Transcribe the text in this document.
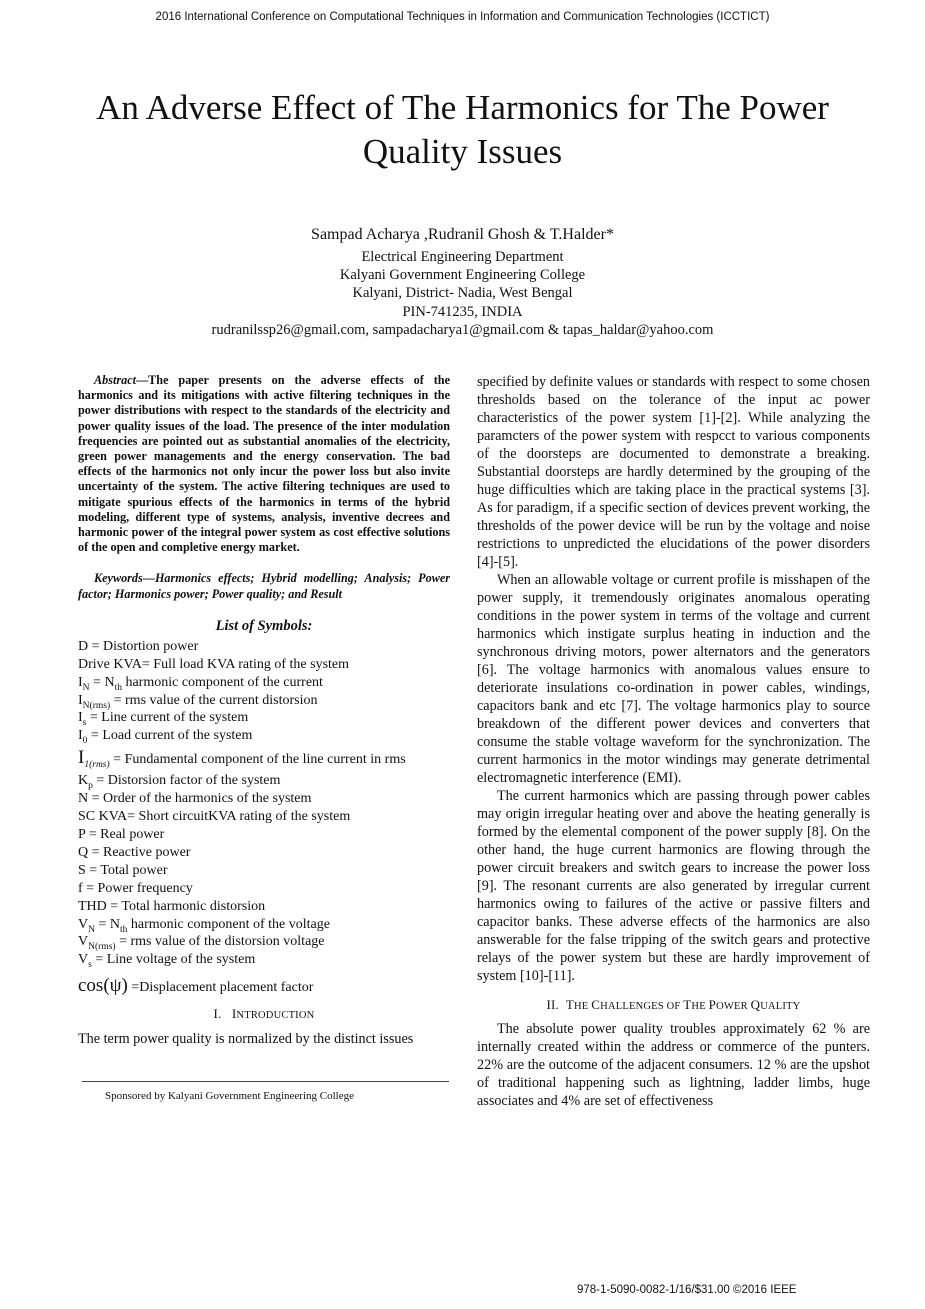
2016 International Conference on Computational Techniques in Information and Communication Technologies (ICCTICT)
An Adverse Effect of The Harmonics for The Power Quality Issues
Sampad Acharya ,Rudranil Ghosh & T.Halder*
Electrical Engineering Department
Kalyani Government Engineering College
Kalyani, District- Nadia, West Bengal
PIN-741235, INDIA
rudranilssp26@gmail.com, sampadacharya1@gmail.com & tapas_haldar@yahoo.com

Abstract—The paper presents on the adverse effects of the harmonics and its mitigations with active filtering techniques in the power distributions with respect to the standards of the electricity and power quality issues of the load. The presence of the inter modulation frequencies are pointed out as substantial anomalies of the electricity, green power managements and the energy conservation. The bad effects of the harmonics not only incur the power loss but also invite uncertainty of the system. The active filtering techniques are used to mitigate spurious effects of the harmonics in terms of the hybrid modeling, different type of systems, analysis, inventive decrees and harmonic power of the integral power system as cost effective solutions of the open and completive energy market.

Keywords—Harmonics effects; Hybrid modelling; Analysis; Power factor; Harmonics power; Power quality; and Result
List of Symbols:
D = Distortion power
Drive KVA= Full load KVA rating of the system
$I_N = N_{th}$ harmonic component of the current
$I_{N(rms)}$ = rms value of the current distorsion
$I_s$ = Line current of the system
$I_0$ = Load current of the system
$I_{1(rms)}$ = Fundamental component of the line current in rms
$K_p$ = Distorsion factor of the system
N = Order of the harmonics of the system
SC KVA= Short circuitKVA rating of the system
P = Real power
Q = Reactive power
S = Total power
f = Power frequency
THD = Total harmonic distorsion
$V_N = N_{th}$ harmonic component of the voltage
$V_{N(rms)}$ = rms value of the distorsion voltage
$V_s$ = Line voltage of the system
cos(ψ) =Displacement placement factor
I. INTRODUCTION
The term power quality is normalized by the distinct issues
Sponsored by Kalyani Government Engineering College

specified by definite values or standards with respect to some chosen thresholds based on the tolerance of the input ac power characteristics of the power system [1]-[2]. While analyzing the paramcters of the power system with respcct to various components of the doorsteps are documented to demonstrate a breaking. Substantial doorsteps are hardly determined by the grouping of the huge difficulties which are taking place in the practical systems [3]. As for paradigm, if a specific section of devices prevent working, the thresholds of the power device will be run by the voltage and noise restrictions to unpredicted the elucidations of the power disorders [4]-[5].

When an allowable voltage or current profile is misshapen of the power supply, it tremendously originates anomalous operating conditions in the power system in terms of the voltage and current harmonics which instigate surplus heating in induction and the synchronous driving motors, power alternators and the generators [6]. The voltage harmonics with anomalous values ensure to deteriorate insulations co-ordination in power cables, windings, capacitors bank and etc [7]. The voltage harmonics play to source breakdown of the different power devices and converters that consume the stable voltage waveform for the synchronization. The current harmonics in the motor windings may generate detrimental electromagnetic interference (EMI).

The current harmonics which are passing through power cables may origin irregular heating over and above the heating generally is formed by the elemental component of the power supply [8]. On the other hand, the huge current harmonics are flowing through the power circuit breakers and switch gears to increase the power loss [9]. The resonant currents are also generated by irregular current harmonics owing to failures of the active or passive filters and capacitor banks. These adverse effects of the harmonics are also answerable for the false tripping of the switch gears and protective relays of the power system but these are hardly improvement of system [10]-[11].

II. THE CHALLENGES OF THE POWER QUALITY

The absolute power quality troubles approximately 62 % are internally created within the address or commerce of the punters. 22% are the outcome of the adjacent consumers. 12 % are the upshot of traditional happening such as lightning, ladder limbs, huge associates and 4% are set of effectiveness

978-1-5090-0082-1/16/$31.00 ©2016 IEEE
